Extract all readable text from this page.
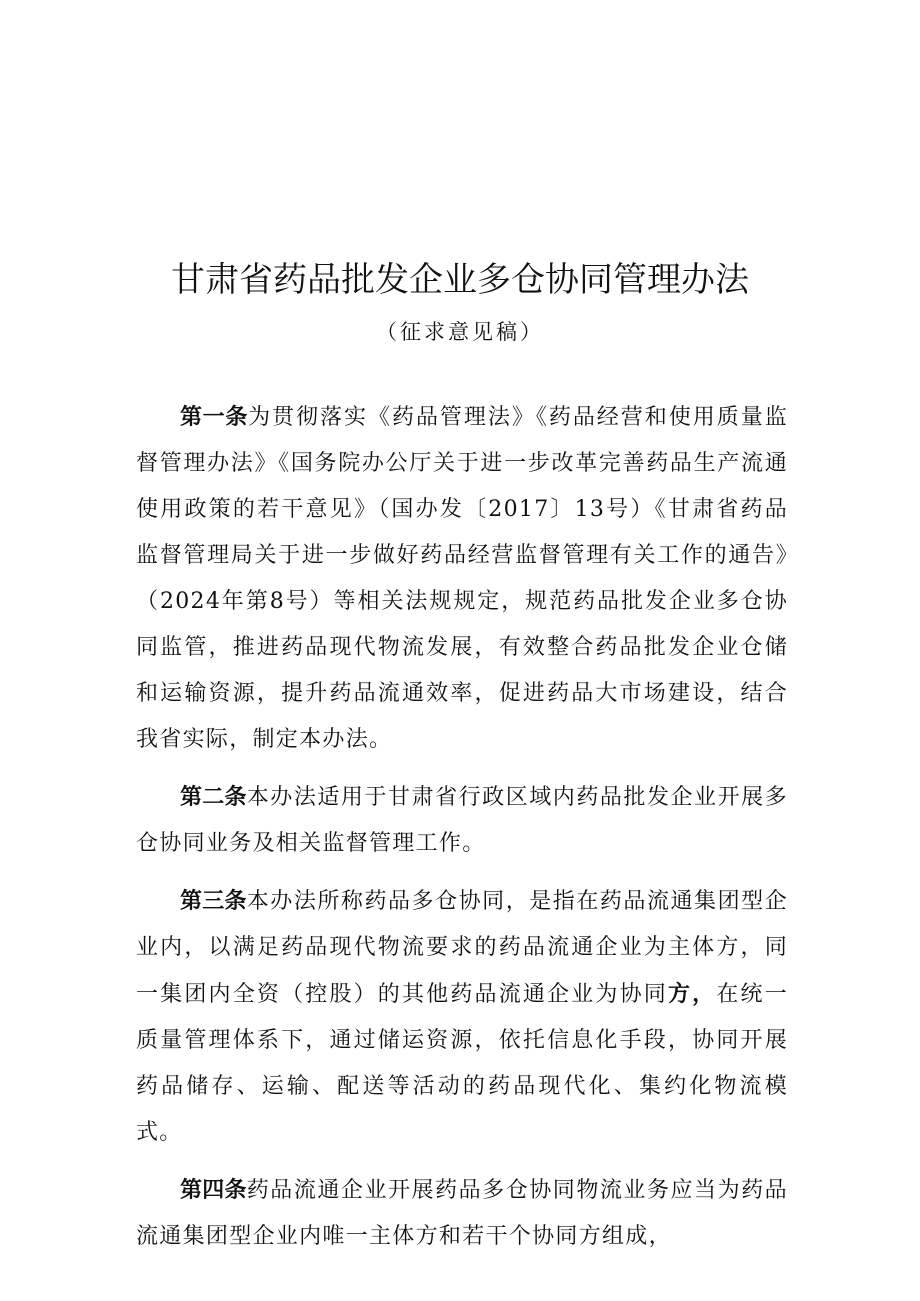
甘肃省药品批发企业多仓协同管理办法

（征求意见稿）

第一条为贯彻落实《药品管理法》《药品经营和使用质量监督管理办法》《国务院办公厅关于进一步改革完善药品生产流通使用政策的若干意见》（国办发〔2017〕13号）《甘肃省药品监督管理局关于进一步做好药品经营监督管理有关工作的通告》（2024年第8号）等相关法规规定，规范药品批发企业多仓协同监管，推进药品现代物流发展，有效整合药品批发企业仓储和运输资源，提升药品流通效率，促进药品大市场建设，结合我省实际，制定本办法。

第二条本办法适用于甘肃省行政区域内药品批发企业开展多仓协同业务及相关监督管理工作。

第三条本办法所称药品多仓协同，是指在药品流通集团型企业内，以满足药品现代物流要求的药品流通企业为主体方，同一集团内全资（控股）的其他药品流通企业为协同方，在统一质量管理体系下，通过储运资源，依托信息化手段，协同开展药品储存、运输、配送等活动的药品现代化、集约化物流模式。

第四条药品流通企业开展药品多仓协同物流业务应当为药品流通集团型企业内唯一主体方和若干个协同方组成，
